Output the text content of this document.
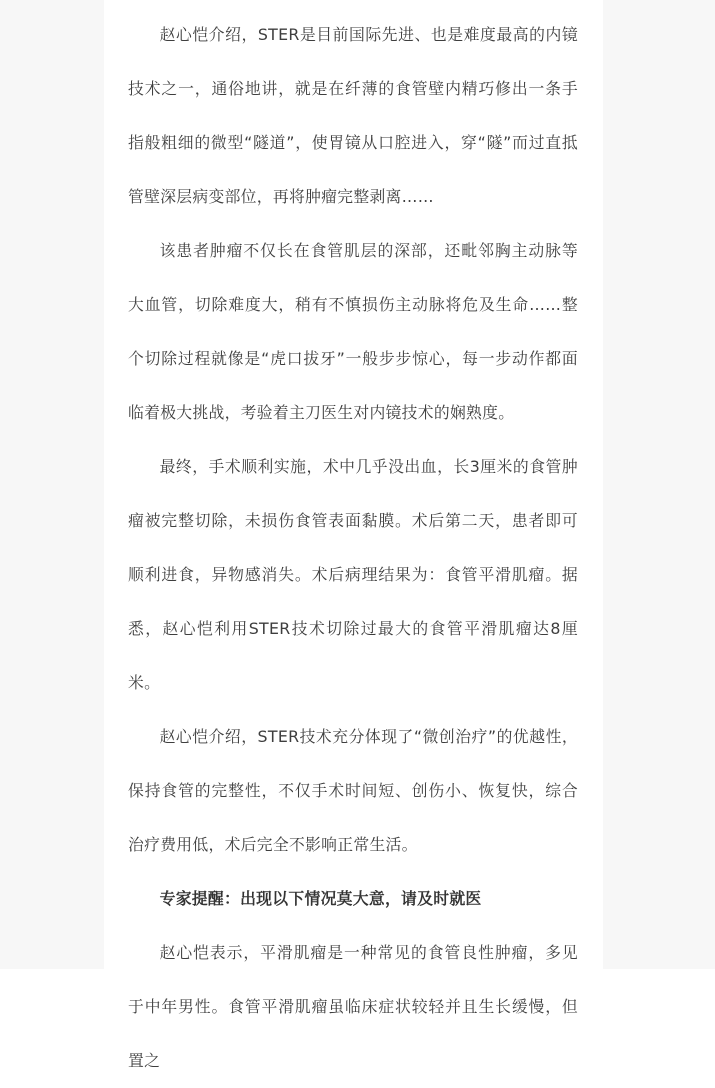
赵心恺介绍，STER是目前国际先进、也是难度最高的内镜技术之一，通俗地讲，就是在纤薄的食管壁内精巧修出一条手指般粗细的微型“隧道”，使胃镜从口腔进入，穿“隧”而过直抵管壁深层病变部位，再将肿瘤完整剥离……

该患者肿瘤不仅长在食管肌层的深部，还毗邻胸主动脉等大血管，切除难度大，稍有不慎损伤主动脉将危及生命……整个切除过程就像是“虎口拔牙”一般步步惊心，每一步动作都面临着极大挑战，考验着主刀医生对内镜技术的娴熟度。

最终，手术顺利实施，术中几乎没出血，长3厘米的食管肿瘤被完整切除，未损伤食管表面黏膜。术后第二天，患者即可顺利进食，异物感消失。术后病理结果为：食管平滑肌瘤。据悉，赵心恺利用STER技术切除过最大的食管平滑肌瘤达8厘米。

赵心恺介绍，STER技术充分体现了“微创治疗”的优越性，保持食管的完整性，不仅手术时间短、创伤小、恢复快，综合治疗费用低，术后完全不影响正常生活。

专家提醒：出现以下情况莫大意，请及时就医

赵心恺表示，平滑肌瘤是一种常见的食管良性肿瘤，多见于中年男性。食管平滑肌瘤虽临床症状较轻并且生长缓慢，但置之
